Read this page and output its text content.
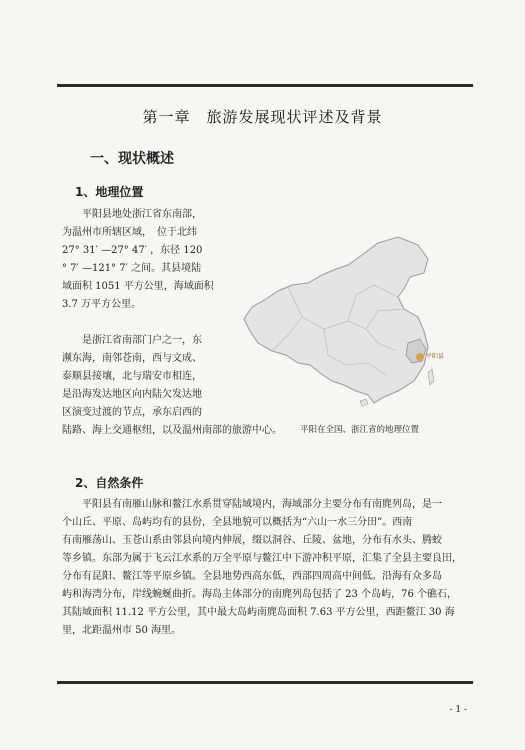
第一章　旅游发展现状评述及背景
一、现状概述
1、地理位置
平阳县地处浙江省东南部，
为温州市所辖区域，　位于北纬
27° 31′ —27° 47′ ，东径 120
° 7′ —121° 7′ 之间。其县境陆
域面积 1051 平方公里，海域面积
3.7 万平方公里。
是浙江省南部门户之一，东
濒东海，南邻苍南，西与文成、
泰顺县接壤，北与瑞安市相连，
是沿海发达地区向内陆欠发达地
区演变过渡的节点，承东启西的
陆路、海上交通枢纽，以及温州南部的旅游中心。
平阳县
平阳在全国、浙江省的地理位置
2、自然条件
平阳县有南雁山脉和鳌江水系贯穿陆域境内，海域部分主要分布有南麂列岛，是一
个山丘、平原、岛屿均有的县份，全县地貌可以概括为“六山一水三分田”。西南
有南雁荡山、玉苍山系由邻县向境内伸展，缀以洞谷、丘陵、盆地，分布有水头、腾蛟
等乡镇。东部为属于飞云江水系的万全平原与鳌江中下游冲积平原，汇集了全县主要良田，
分布有昆阳、鳌江等平原乡镇。全县地势西高东低，西部四周高中间低。沿海有众多岛
屿和海湾分布，岸线蜿蜒曲折。海岛主体部分的南麂列岛包括了 23 个岛屿，76 个礁石，
其陆域面积 11.12 平方公里，其中最大岛屿南麂岛面积 7.63 平方公里，西距鳌江 30 海
里，北距温州市 50 海里。
- 1 -
